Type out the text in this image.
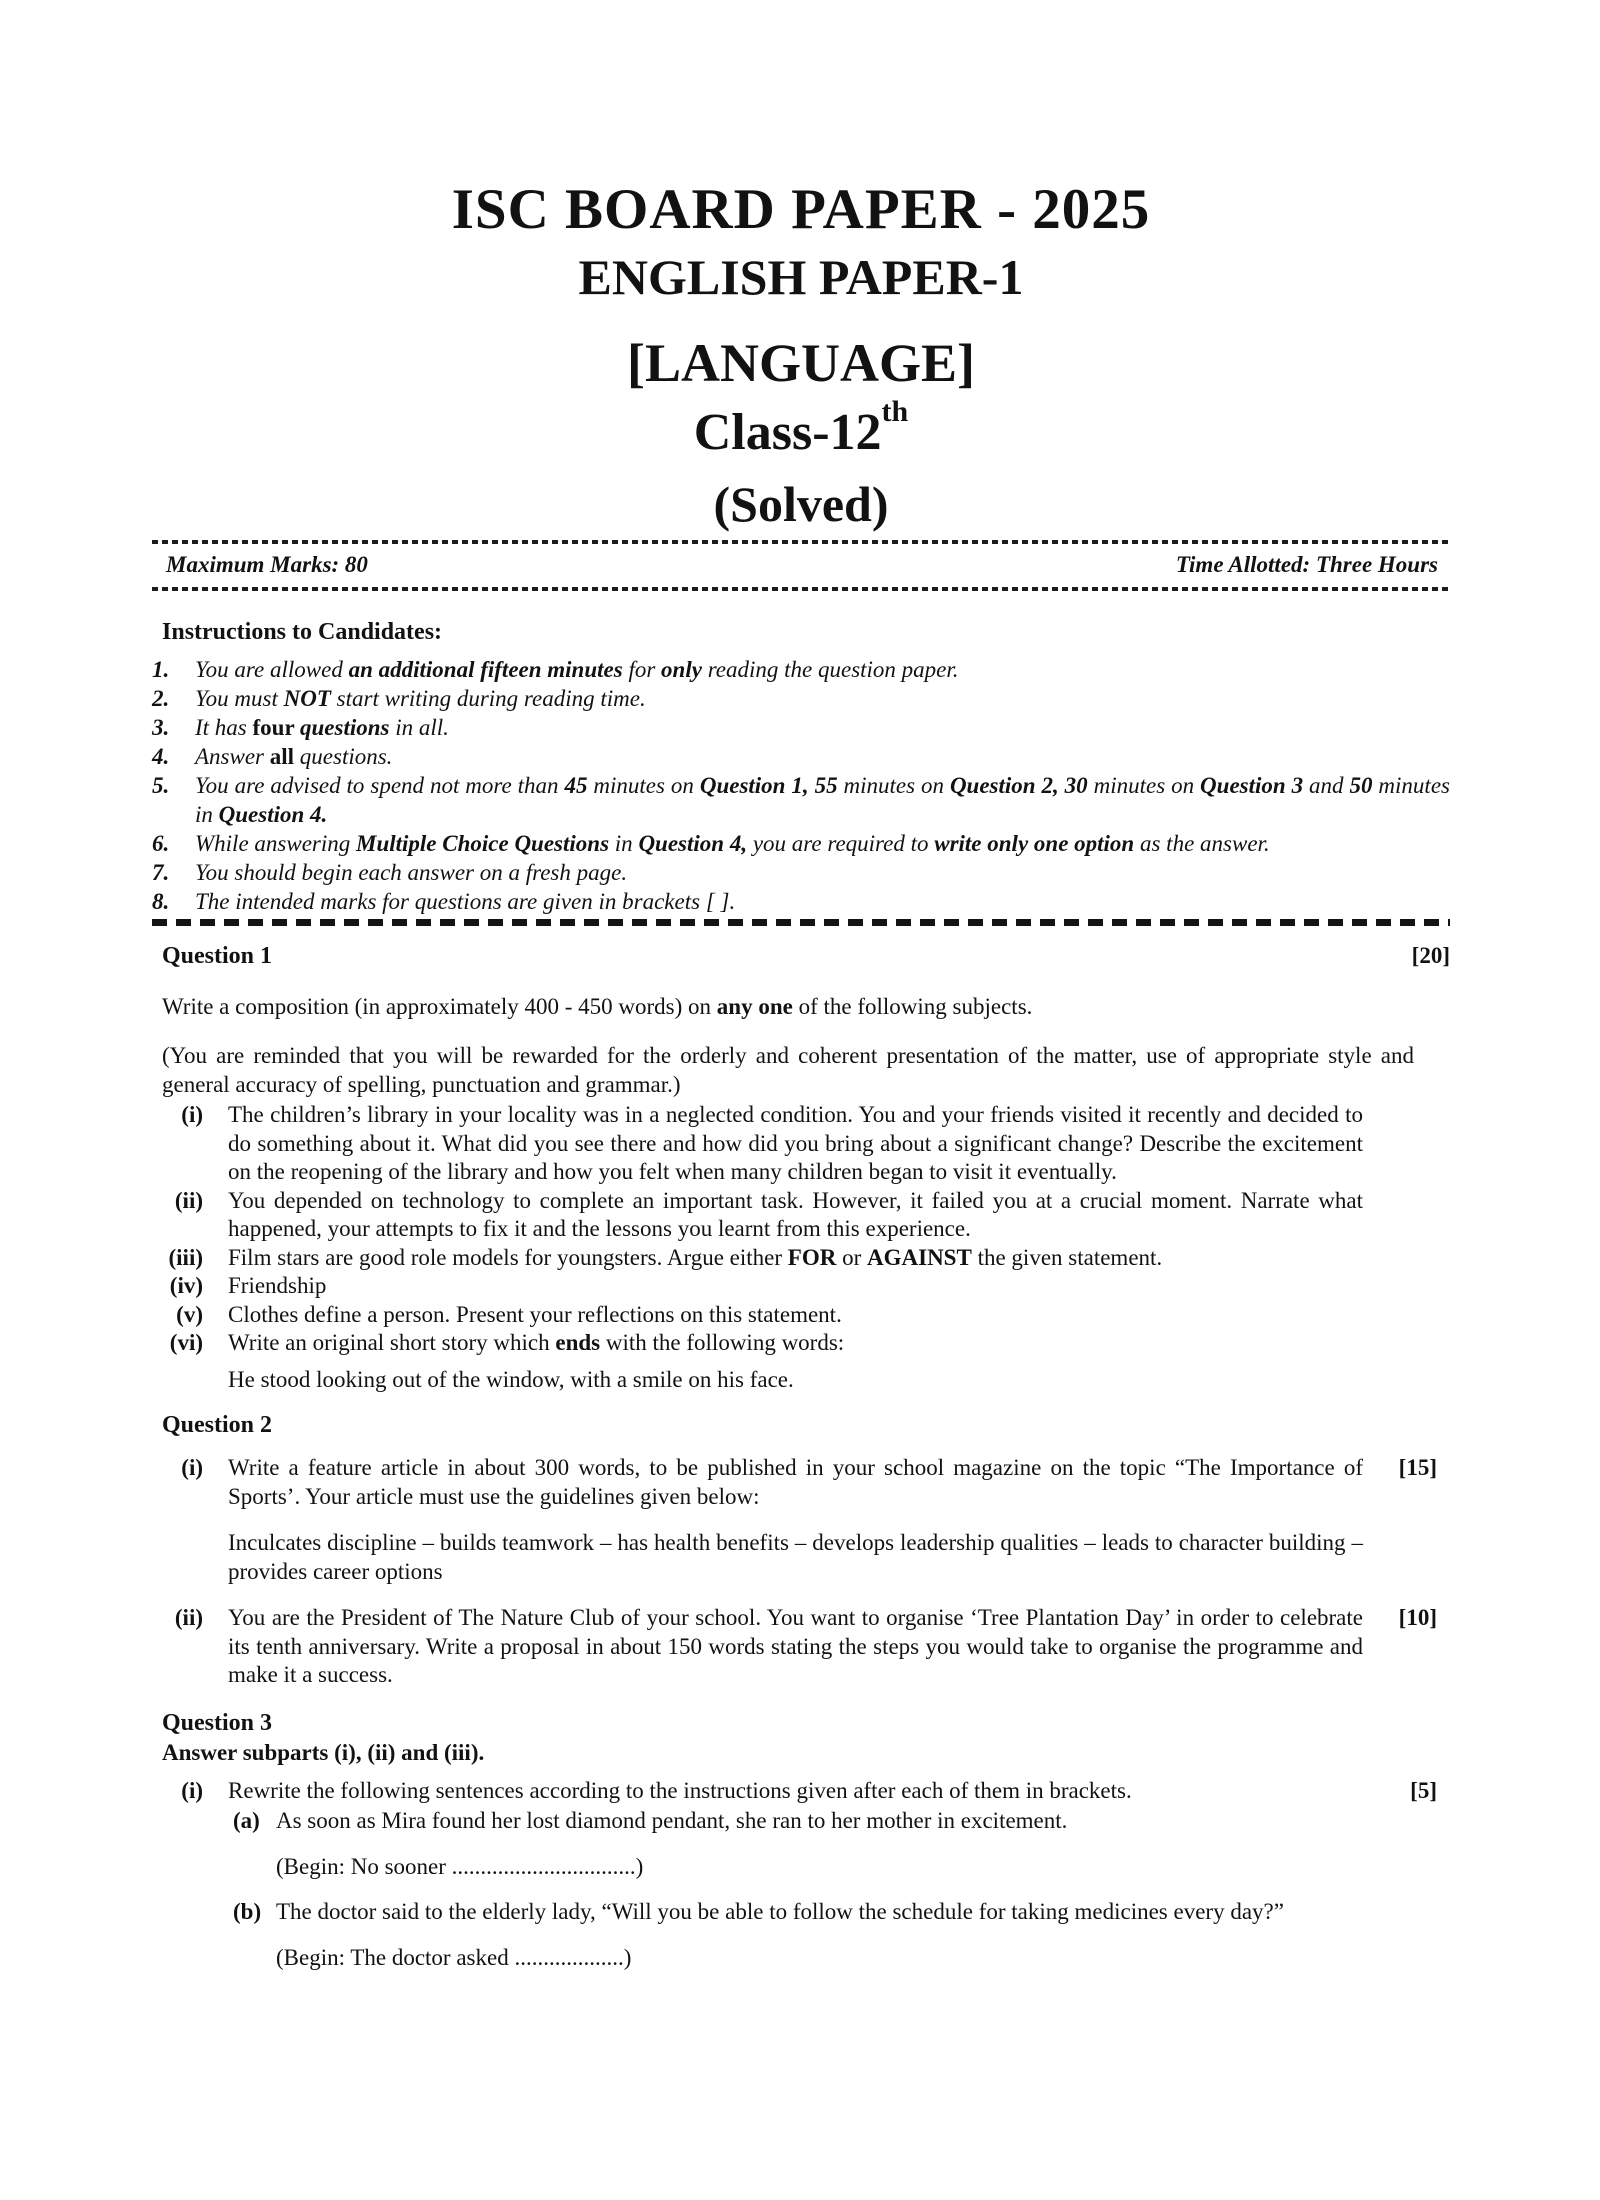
ISC BOARD PAPER - 2025
ENGLISH PAPER-1
[LANGUAGE]
Class-12th
(Solved)
Maximum Marks: 80	Time Allotted: Three Hours
Instructions to Candidates:
1.	You are allowed an additional fifteen minutes for only reading the question paper.
2.	You must NOT start writing during reading time.
3.	It has four questions in all.
4.	Answer all questions.
5.	You are advised to spend not more than 45 minutes on Question 1, 55 minutes on Question 2, 30 minutes on Question 3 and 50 minutes in Question 4.
6.	While answering Multiple Choice Questions in Question 4, you are required to write only one option as the answer.
7.	You should begin each answer on a fresh page.
8.	The intended marks for questions are given in brackets [ ].
Question 1	[20]

Write a composition (in approximately 400 - 450 words) on any one of the following subjects.

(You are reminded that you will be rewarded for the orderly and coherent presentation of the matter, use of appropriate style and general accuracy of spelling, punctuation and grammar.)

(i) The children’s library in your locality was in a neglected condition. You and your friends visited it recently and decided to do something about it. What did you see there and how did you bring about a significant change? Describe the excitement on the reopening of the library and how you felt when many children began to visit it eventually.
(ii) You depended on technology to complete an important task. However, it failed you at a crucial moment. Narrate what happened, your attempts to fix it and the lessons you learnt from this experience.
(iii) Film stars are good role models for youngsters. Argue either FOR or AGAINST the given statement.
(iv) Friendship
(v) Clothes define a person. Present your reflections on this statement.
(vi) Write an original short story which ends with the following words:

He stood looking out of the window, with a smile on his face.

Question 2
(i) Write a feature article in about 300 words, to be published in your school magazine on the topic “The Importance of Sports’. Your article must use the guidelines given below:
[15]

Inculcates discipline – builds teamwork – has health benefits – develops leadership qualities – leads to character building – provides career options

(ii) You are the President of The Nature Club of your school. You want to organise ‘Tree Plantation Day’ in order to celebrate its tenth anniversary. Write a proposal in about 150 words stating the steps you would take to organise the programme and make it a success.
[10]
Question 3
Answer subparts (i), (ii) and (iii).
(i) Rewrite the following sentences according to the instructions given after each of them in brackets.
(a) As soon as Mira found her lost diamond pendant, she ran to her mother in excitement.
(Begin: No sooner ................................)
(b) The doctor said to the elderly lady, “Will you be able to follow the schedule for taking medicines every day?”
(Begin: The doctor asked ...................)
[5]
